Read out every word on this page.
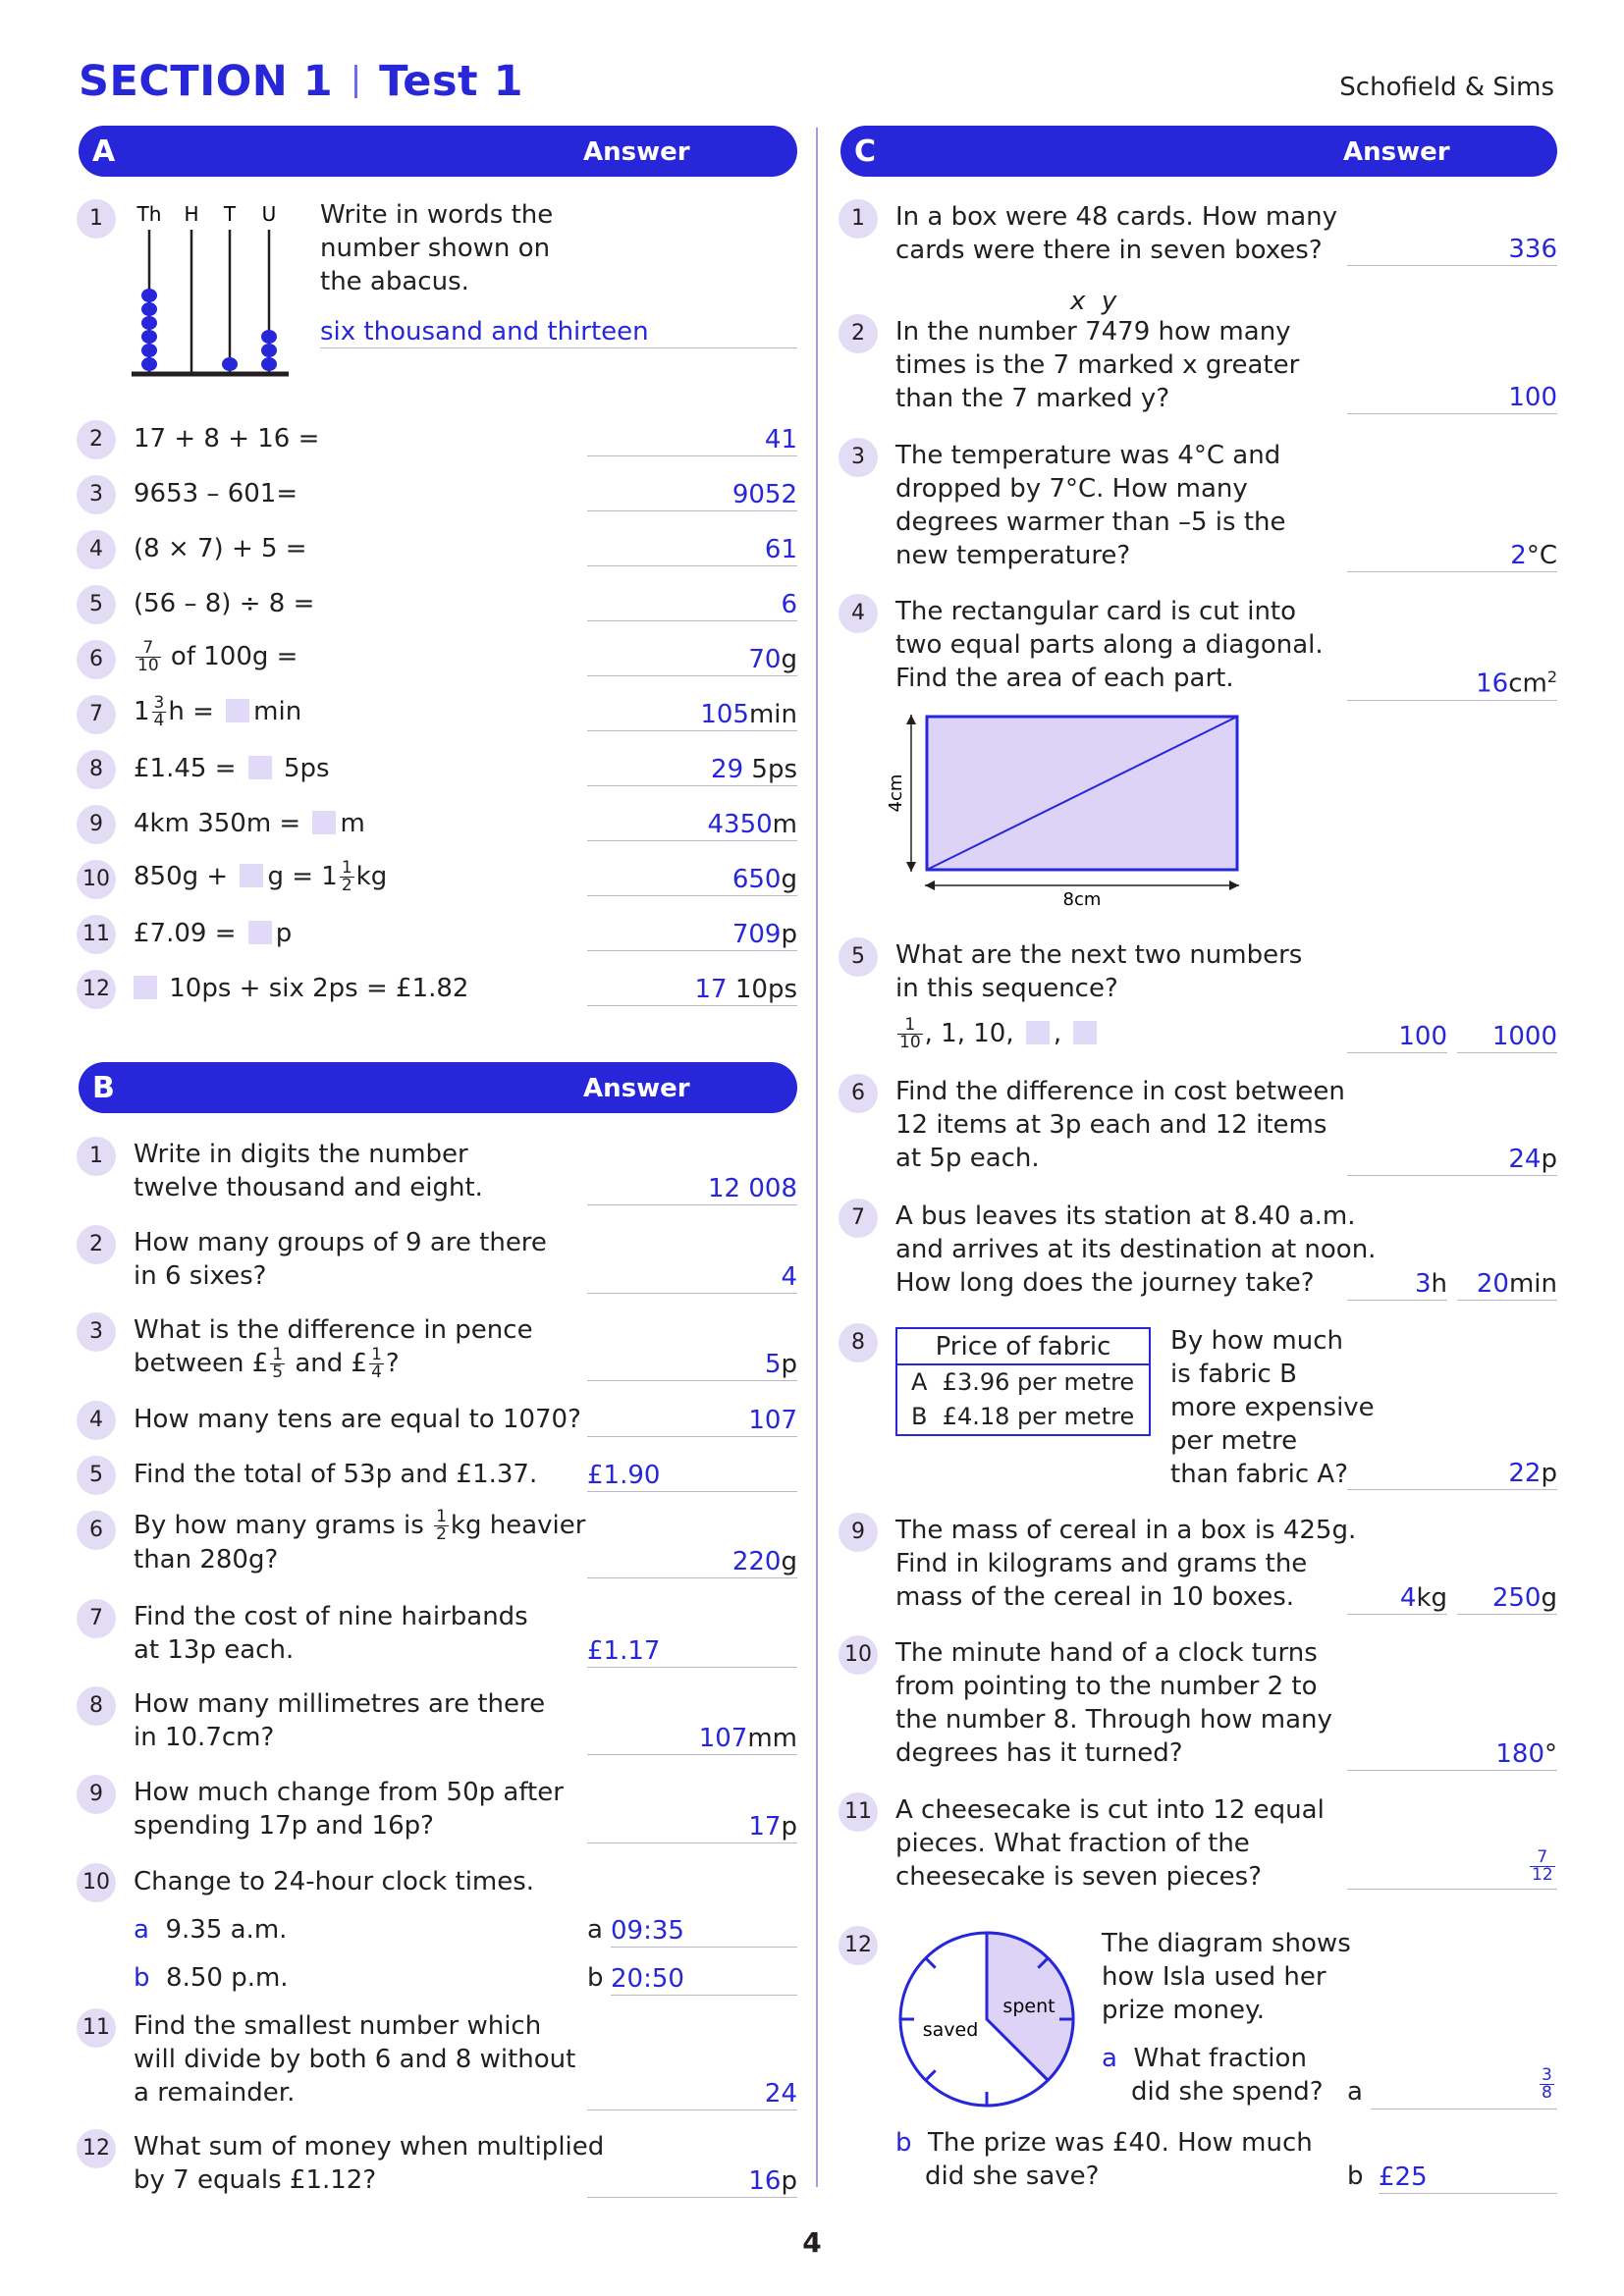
SECTION 1 Test 1	Schofield & Sims
4
A	Answer
1	Th H T U Write in words the number shown on the abacus.
six thousand and thirteen
2	17 + 8 + 16 =	41
3	9653 – 601=	9052
4	(8 × 7) + 5 =	61
5	(56 – 8) ÷ 8 =	6
6	$\frac{7}{10}$ of 100g =	70g
7	$1 \frac{3}{4}$ h = min	105min
8	£1.45 = 5ps	29 5ps
9	4km 350m = m	4350m
10 $850g + g = 1 \frac{1}{2}$ kg	650g
11 £7.09 = p	709p
12	10ps + six 2ps = £1.82	17 10ps
B	Answer
1	Write in digits the number
twelve thousand and eight.	12 008
2	How many groups of 9 are there
in 6 sixes?	4
3	What is the difference in pence
between £ $\frac{1}{5}$ and £ $\frac{1}{4}$ ?	5p
4	How many tens are equal to 1070?	107
5	Find the total of 53p and £1.37. £1.90
6	By how many grams is $\frac{1}{2}$ kg heavier
than 280g?	220g
7	Find the cost of nine hairbands
at 13p each.	£1.17
8	How many millimetres are there
in 10.7cm?	107mm
9	How much change from 50p after
spending 17p and 16p?	17p
10 Change to 24-hour clock times.
a 9.35 a.m.	a 09:35
b 8.50 p.m.	b 20:50
11 Find the smallest number which
will divide by both 6 and 8 without
a remainder.	24
12 What sum of money when multiplied
by 7 equals £1.12?	16p
C	Answer
1	In a box were 48 cards. How many
cards were there in seven boxes?	336
x  y
2	In the number 7479 how many
times is the 7 marked x greater
than the 7 marked y?	100
3	The temperature was 4°C and
dropped by 7°C. How many
degrees warmer than –5 is the
new temperature?	2°C
4	The rectangular card is cut into
two equal parts along a diagonal.
Find the area of each part.	$16cm^2$
8cm
4cm
5	What are the next two numbers
in this sequence?
$\frac{1}{10}$ , 1, 10, ,	100	1000
6	Find the difference in cost between
12 items at 3p each and 12 items
at 5p each.	24p
7	A bus leaves its station at 8.40 a.m.
and arrives at its destination at noon.
How long does the journey take?	3h	20min
8	Price of fabric
A  £3.96 per metre
B  £4.18 per metre
By how much
is fabric B
more expensive
per metre
than fabric A?	22p
9	The mass of cereal in a box is 425g.
Find in kilograms and grams the
mass of the cereal in 10 boxes.	4kg	250g
10 The minute hand of a clock turns
from pointing to the number 2 to
the number 8. Through how many
degrees has it turned?	180°
11 A cheesecake is cut into 12 equal
pieces. What fraction of the
cheesecake is seven pieces?	$\frac{7}{12}$
12
saved
spent
The diagram shows
how Isla used her
prize money.
a What fraction
did she spend? a	$\frac{3}{8}$
b The prize was £40. How much
did she save?	b £25
